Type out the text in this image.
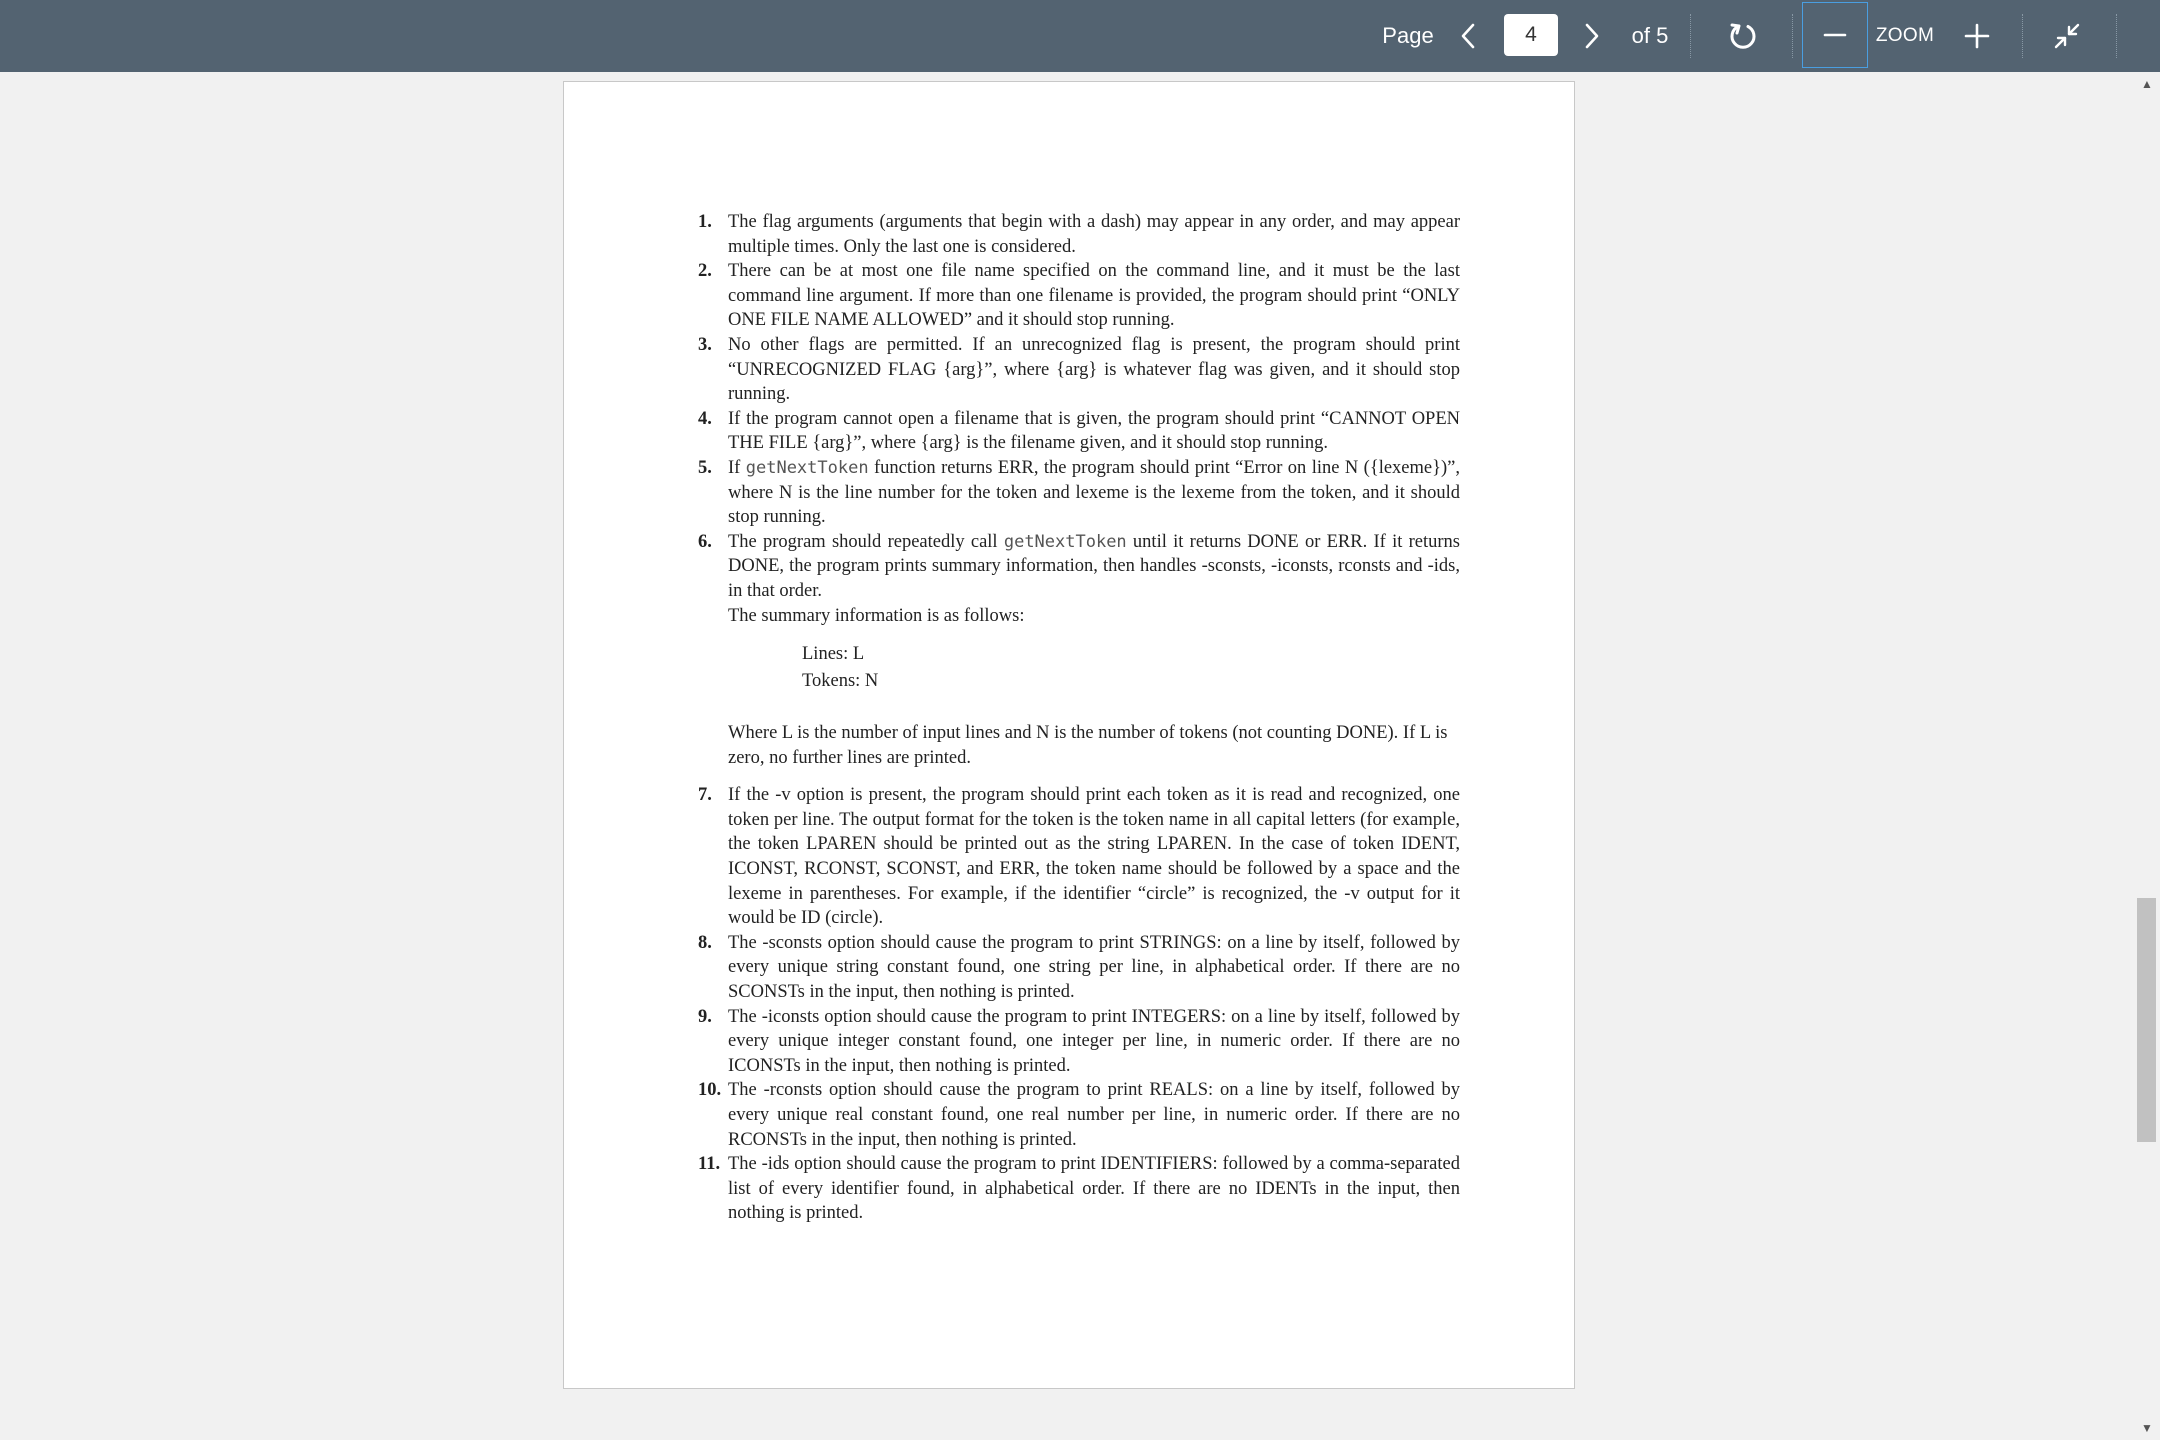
Page
4	of 5	ZOOM
1. The flag arguments (arguments that begin with a dash) may appear in any order, and may appear multiple times. Only the last one is considered.
2. There can be at most one file name specified on the command line, and it must be the last command line argument. If more than one filename is provided, the program should print “ONLY ONE FILE NAME ALLOWED” and it should stop running.
3. No other flags are permitted. If an unrecognized flag is present, the program should print “UNRECOGNIZED FLAG {arg}”, where {arg} is whatever flag was given, and it should stop running.
4. If the program cannot open a filename that is given, the program should print “CANNOT OPEN THE FILE {arg}”, where {arg} is the filename given, and it should stop running.
5. If getNextToken function returns ERR, the program should print “Error on line N ({lexeme})”, where N is the line number for the token and lexeme is the lexeme from the token, and it should stop running.
6. The program should repeatedly call getNextToken until it returns DONE or ERR. If it returns DONE, the program prints summary information, then handles -sconsts, -iconsts, rconsts and -ids, in that order.
The summary information is as follows:
Lines: L
Tokens: N
Where L is the number of input lines and N is the number of tokens (not counting DONE). If L is zero, no further lines are printed.
7. If the -v option is present, the program should print each token as it is read and recognized, one token per line. The output format for the token is the token name in all capital letters (for example, the token LPAREN should be printed out as the string LPAREN. In the case of token IDENT, ICONST, RCONST, SCONST, and ERR, the token name should be followed by a space and the lexeme in parentheses. For example, if the identifier “circle” is recognized, the -v output for it would be ID (circle).
8. The -sconsts option should cause the program to print STRINGS: on a line by itself, followed by every unique string constant found, one string per line, in alphabetical order. If there are no SCONSTs in the input, then nothing is printed.
9. The -iconsts option should cause the program to print INTEGERS: on a line by itself, followed by every unique integer constant found, one integer per line, in numeric order. If there are no ICONSTs in the input, then nothing is printed.
10. The -rconsts option should cause the program to print REALS: on a line by itself, followed by every unique real constant found, one real number per line, in numeric order. If there are no RCONSTs in the input, then nothing is printed.
11. The -ids option should cause the program to print IDENTIFIERS: followed by a comma-separated list of every identifier found, in alphabetical order. If there are no IDENTs in the input, then nothing is printed.
▲
▼
